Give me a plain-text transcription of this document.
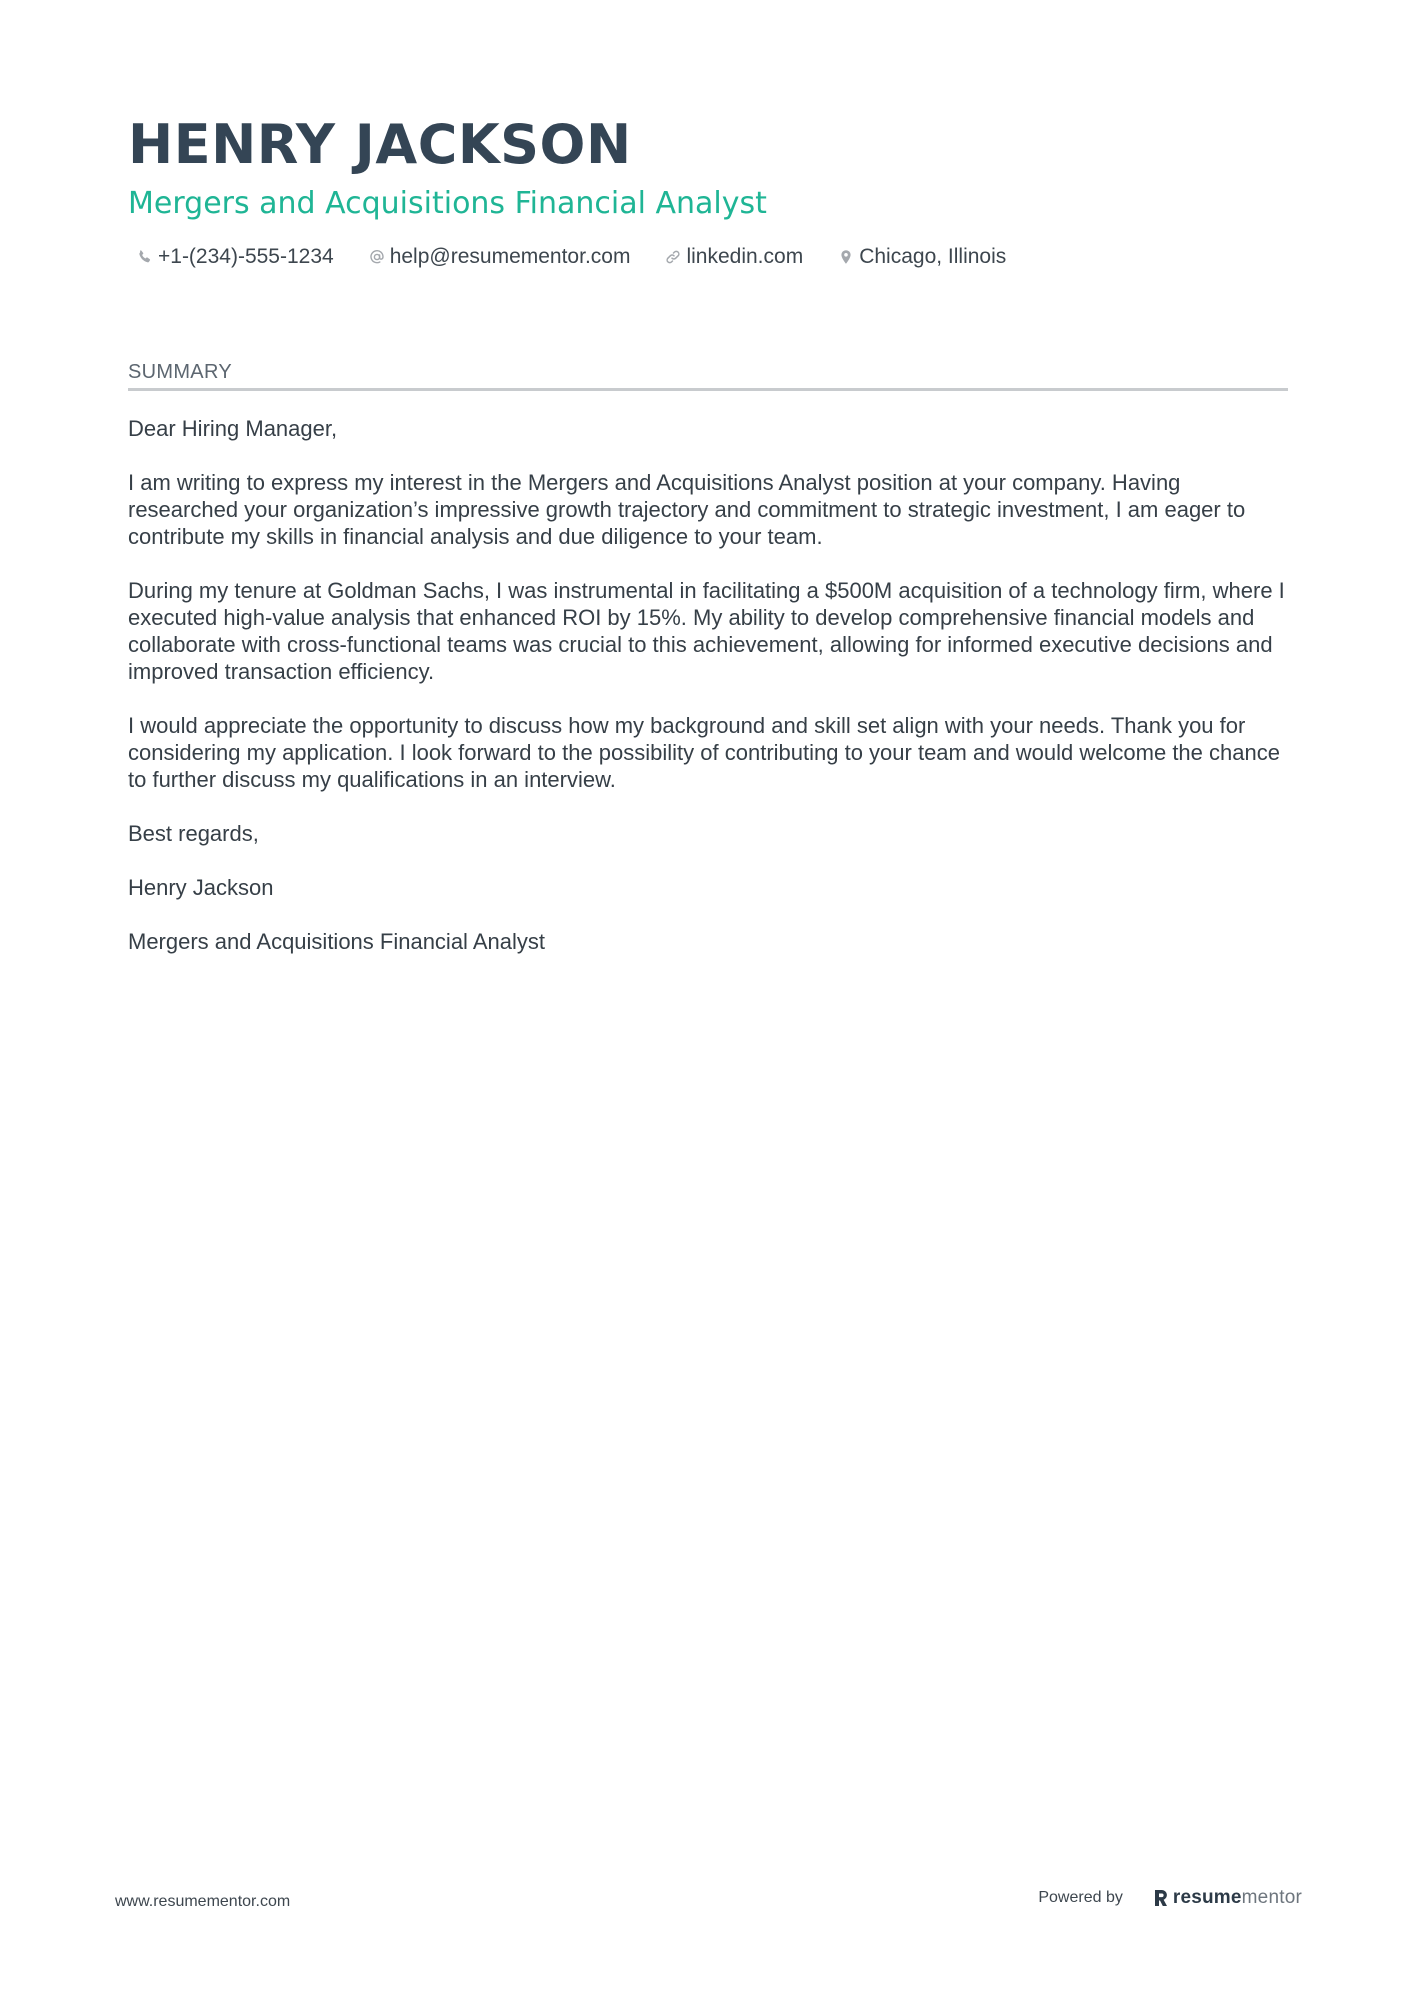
HENRY JACKSON
Mergers and Acquisitions Financial Analyst
+1-(234)-555-1234	help@resumementor.com	linkedin.com	Chicago, Illinois
SUMMARY

Dear Hiring Manager,

I am writing to express my interest in the Mergers and Acquisitions Analyst position at your company. Having researched your organization’s impressive growth trajectory and commitment to strategic investment, I am eager to contribute my skills in financial analysis and due diligence to your team.

During my tenure at Goldman Sachs, I was instrumental in facilitating a $500M acquisition of a technology firm, where I executed high-value analysis that enhanced ROI by 15%. My ability to develop comprehensive financial models and collaborate with cross-functional teams was crucial to this achievement, allowing for informed executive decisions and improved transaction efficiency.

I would appreciate the opportunity to discuss how my background and skill set align with your needs. Thank you for considering my application. I look forward to the possibility of contributing to your team and would welcome the chance to further discuss my qualifications in an interview.

Best regards,

Henry Jackson

Mergers and Acquisitions Financial Analyst

www.resumementor.com	Powered by	resume mentor
